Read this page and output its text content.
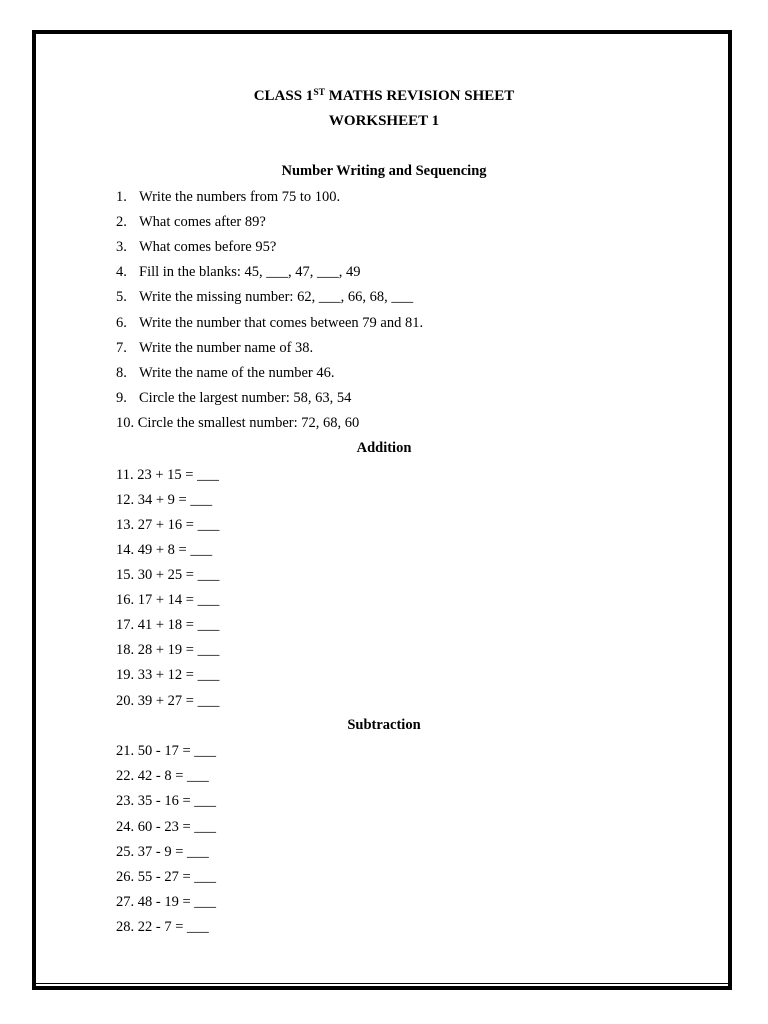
CLASS 1ST MATHS REVISION SHEET
WORKSHEET 1
Number Writing and Sequencing
1. Write the numbers from 75 to 100.
2. What comes after 89?
3. What comes before 95?
4. Fill in the blanks: 45, ___, 47, ___, 49
5. Write the missing number: 62, ___, 66, 68, ___
6. Write the number that comes between 79 and 81.
7. Write the number name of 38.
8. Write the name of the number 46.
9. Circle the largest number: 58, 63, 54
10. Circle the smallest number: 72, 68, 60
Addition
11. 23 + 15 = ___
12. 34 + 9 = ___
13. 27 + 16 = ___
14. 49 + 8 = ___
15. 30 + 25 = ___
16. 17 + 14 = ___
17. 41 + 18 = ___
18. 28 + 19 = ___
19. 33 + 12 = ___
20. 39 + 27 = ___
Subtraction
21. 50 - 17 = ___
22. 42 - 8 = ___
23. 35 - 16 = ___
24. 60 - 23 = ___
25. 37 - 9 = ___
26. 55 - 27 = ___
27. 48 - 19 = ___
28. 22 - 7 = ___
